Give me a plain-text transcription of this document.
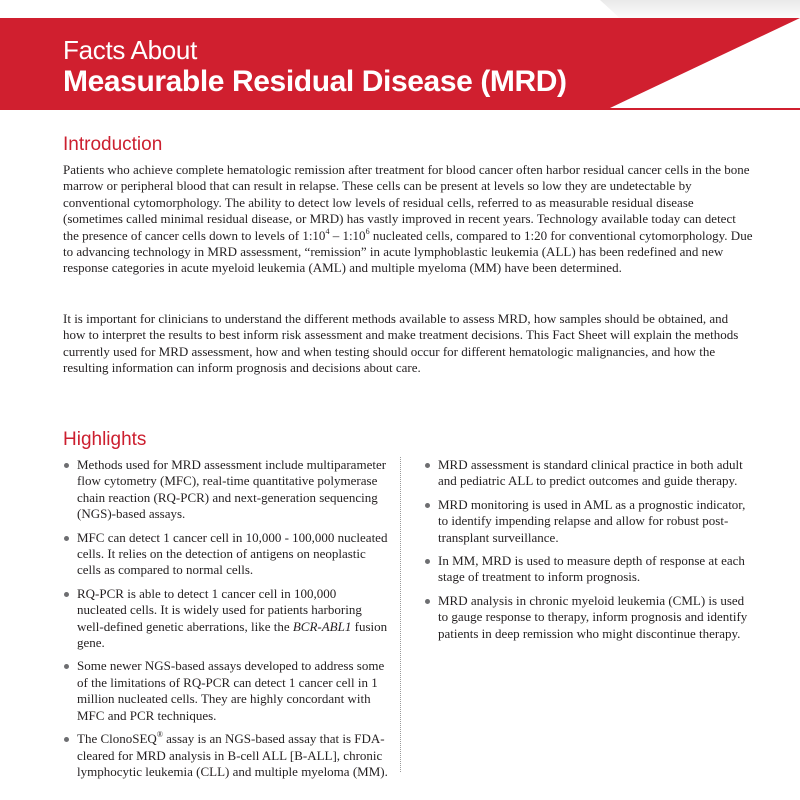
Facts About
Measurable Residual Disease (MRD)
Introduction

Patients who achieve complete hematologic remission after treatment for blood cancer often harbor residual cancer cells in the bone marrow or peripheral blood that can result in relapse. These cells can be present at levels so low they are undetectable by conventional cytomorphology. The ability to detect low levels of residual cells, referred to as measurable residual disease (sometimes called minimal residual disease, or MRD) has vastly improved in recent years. Technology available today can detect the presence of cancer cells down to levels of $1:10^4$ – $1:10^6$ nucleated cells, compared to 1:20 for conventional cytomorphology. Due to advancing technology in MRD assessment, “remission” in acute lymphoblastic leukemia (ALL) has been redefined and new response categories in acute myeloid leukemia (AML) and multiple myeloma (MM) have been determined.

It is important for clinicians to understand the different methods available to assess MRD, how samples should be obtained, and how to interpret the results to best inform risk assessment and make treatment decisions. This Fact Sheet will explain the methods currently used for MRD assessment, how and when testing should occur for different hematologic malignancies, and how the resulting information can inform prognosis and decisions about care.

Highlights
Methods used for MRD assessment include multiparameter flow cytometry (MFC), real-time quantitative polymerase chain reaction (RQ-PCR) and next-generation sequencing (NGS)-based assays.
MFC can detect 1 cancer cell in 10,000 - 100,000 nucleated cells. It relies on the detection of antigens on neoplastic cells as compared to normal cells.
RQ-PCR is able to detect 1 cancer cell in 100,000 nucleated cells. It is widely used for patients harboring well-defined genetic aberrations, like the BCR-ABL1 fusion gene.
Some newer NGS-based assays developed to address some of the limitations of RQ-PCR can detect 1 cancer cell in 1 million nucleated cells. They are highly concordant with MFC and PCR techniques.
The ClonoSEQ® assay is an NGS-based assay that is FDA-cleared for MRD analysis in B-cell ALL [B-ALL], chronic lymphocytic leukemia (CLL) and multiple myeloma (MM).
MRD assessment is standard clinical practice in both adult and pediatric ALL to predict outcomes and guide therapy.
MRD monitoring is used in AML as a prognostic indicator, to identify impending relapse and allow for robust post-transplant surveillance.
In MM, MRD is used to measure depth of response at each stage of treatment to inform prognosis.
MRD analysis in chronic myeloid leukemia (CML) is used to gauge response to therapy, inform prognosis and identify patients in deep remission who might discontinue therapy.
